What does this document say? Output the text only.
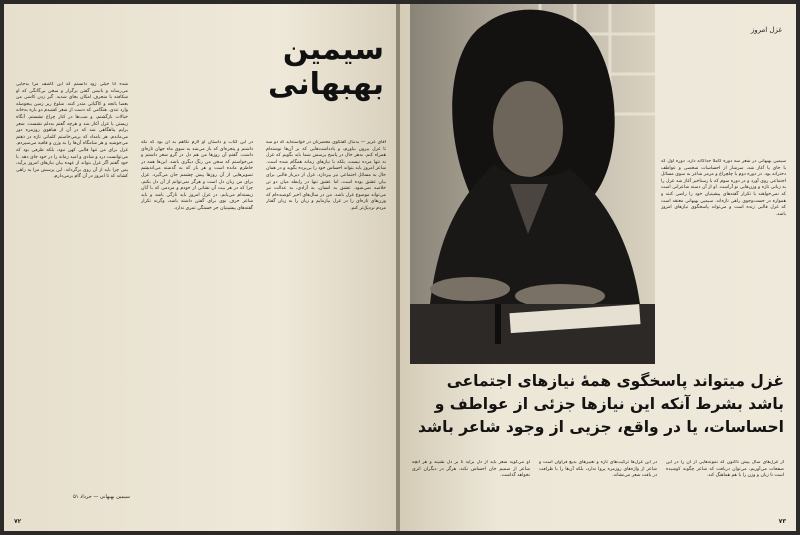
سیمین بهبهانی

آقای عزیز — بدنبال گفتگوی محضرتان در خواسته‌اید که دو سه تا غزل بیرون بیاورم، و یادداشت‌هایی که بر آن‌ها نوشته‌ام همراه کنم. به‌هر حال در پاسخ پرسش شما باید بگویم که غزل نه تنها مرده نیست، بلکه با نیازهای زمانه همگام شده است. شاعر امروز باید بتواند احساس خود را بی‌پرده بگوید و در همان حال به مسائل اجتماعی نیز بپردازد. غزل از دیرباز قالبی برای بیان عشق بوده است، اما عشق تنها در رابطه میان دو تن خلاصه نمی‌شود. عشق به انسان، به آزادی، به عدالت نیز می‌تواند موضوع غزل باشد. من در سال‌های اخیر کوشیده‌ام که وزن‌های تازه‌ای را در غزل بیازمایم و زبان را به زبان گفتار مردم نزدیک‌تر کنم.

در این کتاب و داستان او لازم نگاهم به آن بود که نگه داشتم و پنجره‌ای که باز می‌شد به سوی ماه جهان تازه‌ای داشت. گفتم آن روزها من هم دل در گرو شعر داشتم و می‌خواستم که سخن من رنگ دیگری باشد. این‌ها همه در خاطرم مانده است و هر بار که به گذشته می‌اندیشم تصویرهایی از آن روزها پیش چشمم جان می‌گیرد. غزل برای من زبان دل است و هرگز نمی‌توانم از آن دل بکنم، چرا که در هر بیت آن نشانی از خودم و مردمی که با آنان زیسته‌ام می‌یابم. در غزل امروز باید تازگی باشد و باید شاعر حرف نوی برای گفتن داشته باشد، وگرنه تکرار گفته‌های پیشینیان جز خستگی ثمری ندارد.

شده‌ انا حیلی زود دانستم که این کاشف مرا به‌جایی می‌رساند و بانیس گفتن برگزار و سخن بی‌گانگی که او شکافته با منحرف امکان بجای شدید. گیر زدن کاشی من بعضا باتجه و کاگیاتی متدر کنند. شلوغ ریز زمین بیحوصله وارد تندی. هنگامی که دست از شعر کشیدم دو باره به‌خانه خیالات بازگشتم، و شب‌ها در کنار چراغ نشستم. آنگاه زیستن با غزل آغاز شد و هرچه گفتم به‌دلم نشست. شعر برایم پناهگاهی شد که در آن از هیاهوی روزمره دور می‌ماندم. هر بامداد که برمی‌خاستم کلماتی تازه در ذهنم می‌جوشید و هر شامگاه آن‌ها را به وزن و قافیه می‌سپردم. غزل برای من تنها قالبی کهن نبود، بلکه ظرفی بود که می‌توانست درد و شادی و امید زمانه را در خود جای دهد. با خود گفتم اگر غزل بتواند از عهده بیان نیازهای امروز برآید، پس چرا باید از آن روی برگرداند. این پرسش مرا به راهی کشاند که تا امروز در آن گام برمی‌دارم.

سیمین بهبهانی — خرداد ۵۱
۷۲
غزل امروز

سیمین بهبهانی در شعر سه دوره کاملا جداگانه دارد. دوره اول که با جای پا آغاز شد، سرشار از احساسات شخصی و عواطف دخترانه بود. در دوره دوم با چلچراغ و مرمر شاعر به سوی مسائل اجتماعی روی آورد و در دوره سوم که با رستاخیز آغاز شد غزل را به زبانی تازه و وزن‌هایی نو آراست. او از آن دسته شاعرانی است که نمی‌خواهند با تکرار گفته‌های پیشینیان خود را راضی کنند و همواره در جست‌وجوی راهی تازه‌اند. سیمین بهبهانی معتقد است که غزل قالبی زنده است و می‌تواند پاسخگوی نیازهای امروز باشد.

غزل میتواند پاسخگوی همهٔ نیازهای اجتماعی باشد بشرط آنکه این نیازها جزئی از عواطف و احساسات، یا در واقع، جزیی از وجود شاعر باشد

از غزل‌های سال پیش تاکنون که نمونه‌هایی از آن را در این صفحات می‌آوریم، می‌توان دریافت که شاعر چگونه کوشیده است تا زبان و وزن را با هم هماهنگ کند.

در این غزل‌ها ترکیب‌های تازه و تعبیرهای بدیع فراوان است و شاعر از واژه‌های روزمره پروا ندارد، بلکه آن‌ها را با ظرافت در بافت شعر می‌نشاند.

او می‌گوید شعر باید از دل برآید تا بر دل نشیند و هر آنچه شاعر از صمیم جان احساس نکند، هرگز در دیگران اثری نخواهد گذاشت.

۷۳
